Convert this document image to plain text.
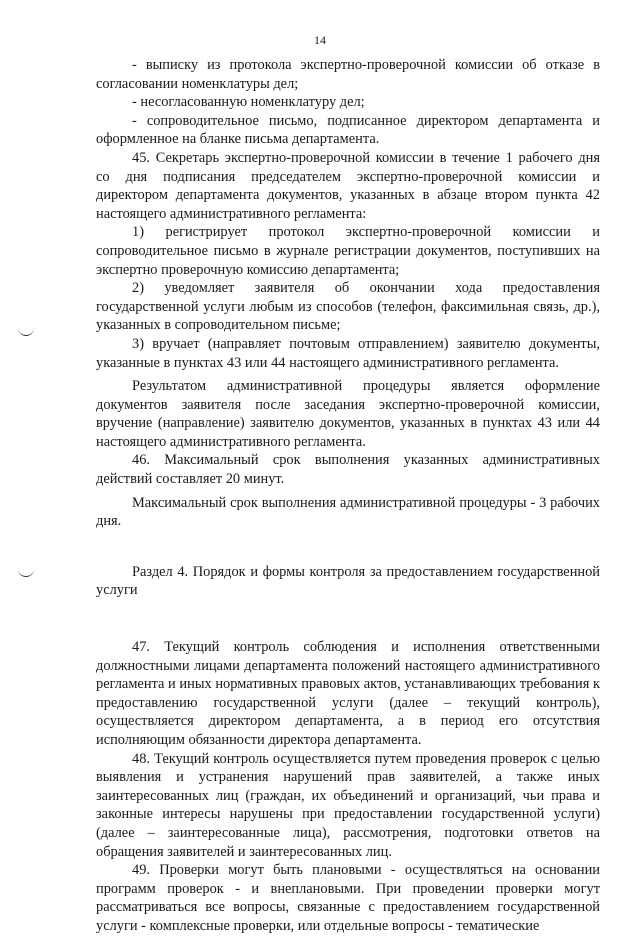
14

- выписку из протокола экспертно-проверочной комиссии об отказе в согласовании номенклатуры дел;

- несогласованную номенклатуру дел;

- сопроводительное письмо, подписанное директором департамента и оформленное на бланке письма департамента.

45. Секретарь экспертно-проверочной комиссии в течение 1 рабочего дня со дня подписания председателем экспертно-проверочной комиссии и директором департамента документов, указанных в абзаце втором пункта 42 настоящего административного регламента:

1) регистрирует протокол экспертно-проверочной комиссии и сопроводительное письмо в журнале регистрации документов, поступивших на экспертно проверочную комиссию департамента;

2) уведомляет заявителя об окончании хода предоставления государственной услуги любым из способов (телефон, факсимильная связь, др.), указанных в сопроводительном письме;

3) вручает (направляет почтовым отправлением) заявителю документы, указанные в пунктах 43 или 44 настоящего административного регламента.

Результатом административной процедуры является оформление документов заявителя после заседания экспертно-проверочной комиссии, вручение (направление) заявителю документов, указанных в пунктах 43 или 44 настоящего административного регламента.

46. Максимальный срок выполнения указанных административных действий составляет 20 минут.

Максимальный срок выполнения административной процедуры - 3 рабочих дня.

Раздел 4. Порядок и формы контроля за предоставлением государственной услуги

47. Текущий контроль соблюдения и исполнения ответственными должностными лицами департамента положений настоящего административного регламента и иных нормативных правовых актов, устанавливающих требования к предоставлению государственной услуги (далее – текущий контроль), осуществляется директором департамента, а в период его отсутствия исполняющим обязанности директора департамента.

48. Текущий контроль осуществляется путем проведения проверок с целью выявления и устранения нарушений прав заявителей, а также иных заинтересованных лиц (граждан, их объединений и организаций, чьи права и законные интересы нарушены при предоставлении государственной услуги) (далее – заинтересованные лица), рассмотрения, подготовки ответов на обращения заявителей и заинтересованных лиц.

49. Проверки могут быть плановыми - осуществляться на основании программ проверок - и внеплановыми. При проведении проверки могут рассматриваться все вопросы, связанные с предоставлением государственной услуги - комплексные проверки, или отдельные вопросы - тематические
